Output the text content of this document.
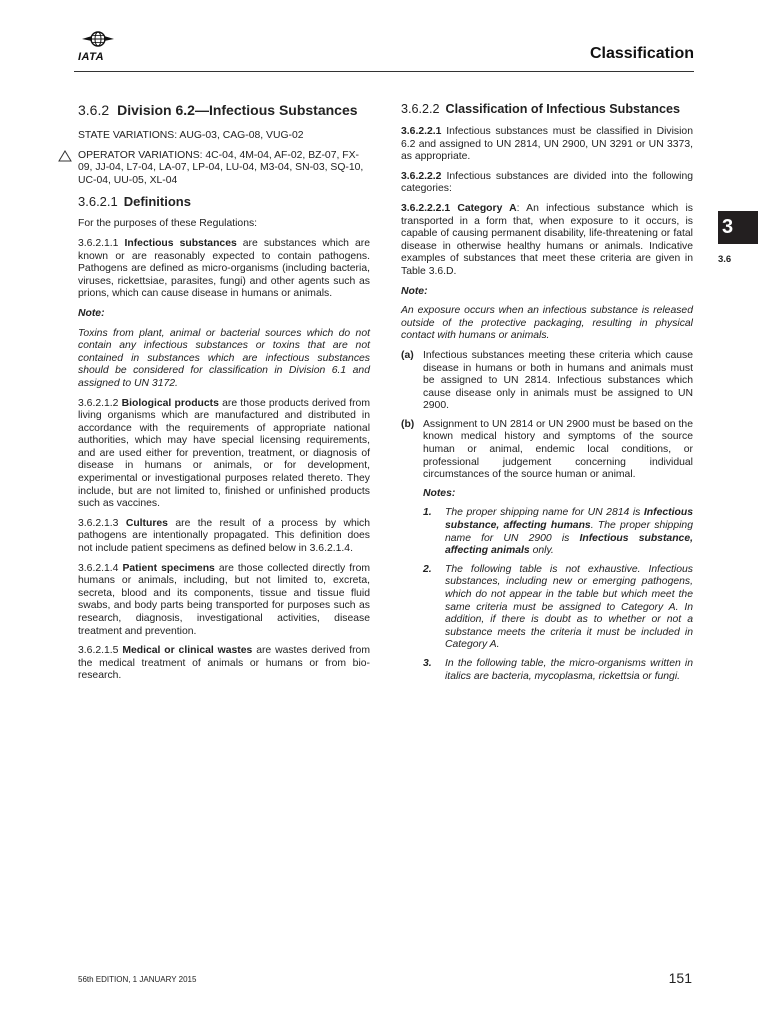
IATA	Classification
3.6.2 Division 6.2—Infectious Substances

STATE VARIATIONS: AUG-03, CAG-08, VUG-02

OPERATOR VARIATIONS: 4C-04, 4M-04, AF-02, BZ-07, FX-09, JJ-04, L7-04, LA-07, LP-04, LU-04, M3-04, SN-03, SQ-10, UC-04, UU-05, XL-04

3.6.2.1 Definitions

For the purposes of these Regulations:

3.6.2.1.1 Infectious substances are substances which are known or are reasonably expected to contain pathogens. Pathogens are defined as micro-organisms (including bacteria, viruses, rickettsiae, parasites, fungi) and other agents such as prions, which can cause disease in humans or animals.

Note:

Toxins from plant, animal or bacterial sources which do not contain any infectious substances or toxins that are not contained in substances which are infectious substances should be considered for classification in Division 6.1 and assigned to UN 3172.

3.6.2.1.2 Biological products are those products derived from living organisms which are manufactured and distributed in accordance with the requirements of appropriate national authorities, which may have special licensing requirements, and are used either for prevention, treatment, or diagnosis of disease in humans or animals, or for development, experimental or investigational purposes related thereto. They include, but are not limited to, finished or unfinished products such as vaccines.

3.6.2.1.3 Cultures are the result of a process by which pathogens are intentionally propagated. This definition does not include patient specimens as defined below in 3.6.2.1.4.

3.6.2.1.4 Patient specimens are those collected directly from humans or animals, including, but not limited to, excreta, secreta, blood and its components, tissue and tissue fluid swabs, and body parts being transported for purposes such as research, diagnosis, investigational activities, disease treatment and prevention.

3.6.2.1.5 Medical or clinical wastes are wastes derived from the medical treatment of animals or humans or from bio-research.

3.6.2.2 Classification of Infectious Substances

3.6.2.2.1 Infectious substances must be classified in Division 6.2 and assigned to UN 2814, UN 2900, UN 3291 or UN 3373, as appropriate.

3.6.2.2.2 Infectious substances are divided into the following categories:

3.6.2.2.2.1 Category A: An infectious substance which is transported in a form that, when exposure to it occurs, is capable of causing permanent disability, life-threatening or fatal disease in otherwise healthy humans or animals. Indicative examples of substances that meet these criteria are given in Table 3.6.D.

Note:

An exposure occurs when an infectious substance is released outside of the protective packaging, resulting in physical contact with humans or animals.

(a) Infectious substances meeting these criteria which cause disease in humans or both in humans and animals must be assigned to UN 2814. Infectious substances which cause disease only in animals must be assigned to UN 2900.
(b) Assignment to UN 2814 or UN 2900 must be based on the known medical history and symptoms of the source human or animal, endemic local conditions, or professional judgement concerning individual circumstances of the source human or animal.

Notes:

1. The proper shipping name for UN 2814 is Infectious substance, affecting humans. The proper shipping name for UN 2900 is Infectious substance, affecting animals only.
2. The following table is not exhaustive. Infectious substances, including new or emerging pathogens, which do not appear in the table but which meet the same criteria must be assigned to Category A. In addition, if there is doubt as to whether or not a substance meets the criteria it must be included in Category A.
3. In the following table, the micro-organisms written in italics are bacteria, mycoplasma, rickettsia or fungi.
3
3.6
56th EDITION, 1 JANUARY 2015	151
